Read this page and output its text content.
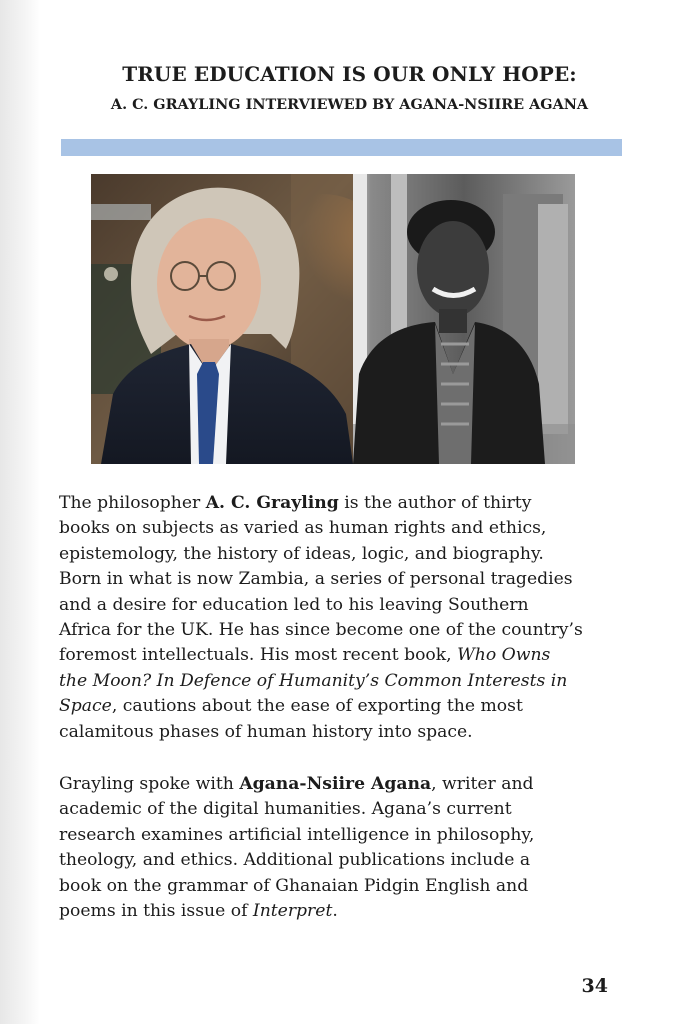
TRUE EDUCATION IS OUR ONLY HOPE:
A. C. GRAYLING INTERVIEWED BY AGANA-NSIIRE AGANA
The philosopher A. C. Grayling is the author of thirty
books on subjects as varied as human rights and ethics,
epistemology, the history of ideas, logic, and biography.
Born in what is now Zambia, a series of personal tragedies
and a desire for education led to his leaving Southern
Africa for the UK. He has since become one of the country’s
foremost intellectuals. His most recent book, Who Owns
the Moon? In Defence of Humanity’s Common Interests in
Space, cautions about the ease of exporting the most
calamitous phases of human history into space.
Grayling spoke with Agana-Nsiire Agana, writer and
academic of the digital humanities. Agana’s current
research examines artificial intelligence in philosophy,
theology, and ethics. Additional publications include a
book on the grammar of Ghanaian Pidgin English and
poems in this issue of Interpret.
34
